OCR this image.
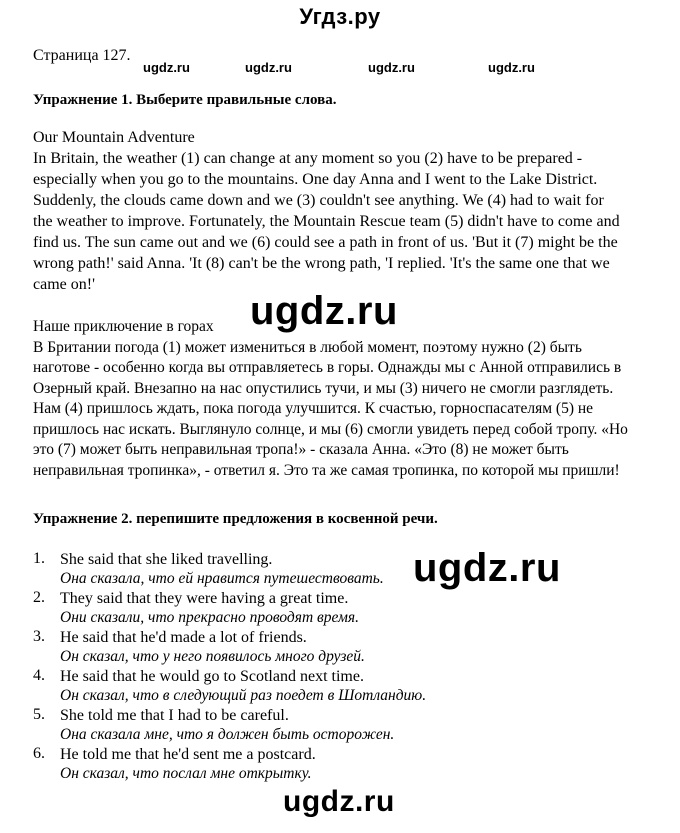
Угдз.ру
Страница 127.
ugdz.ru	ugdz.ru	ugdz.ru	ugdz.ru
Упражнение 1. Выберите правильные слова.
Our Mountain Adventure
In Britain, the weather (1) can change at any moment so you (2) have to be prepared - especially when you go to the mountains. One day Anna and I went to the Lake District. Suddenly, the clouds came down and we (3) couldn't see anything. We (4) had to wait for the weather to improve. Fortunately, the Mountain Rescue team (5) didn't have to come and find us. The sun came out and we (6) could see a path in front of us. 'But it (7) might be the wrong path!' said Anna. 'It (8) can't be the wrong path, 'I replied. 'It's the same one that we came on!'
ugdz.ru
Наше приключение в горах
В Британии погода (1) может измениться в любой момент, поэтому нужно (2) быть наготове - особенно когда вы отправляетесь в горы. Однажды мы с Анной отправились в Озерный край. Внезапно на нас опустились тучи, и мы (3) ничего не смогли разглядеть. Нам (4) пришлось ждать, пока погода улучшится. К счастью, горноспасателям (5) не пришлось нас искать. Выглянуло солнце, и мы (6) смогли увидеть перед собой тропу. «Но это (7) может быть неправильная тропа!» - сказала Анна. «Это (8) не может быть неправильная тропинка», - ответил я. Это та же самая тропинка, по которой мы пришли!
Упражнение 2. перепишите предложения в косвенной речи.
1. She said that she liked travelling.
Она сказала, что ей нравится путешествовать.
2. They said that they were having a great time.
Они сказали, что прекрасно проводят время.
3. He said that he'd made a lot of friends.
Он сказал, что у него появилось много друзей.
4. He said that he would go to Scotland next time.
Он сказал, что в следующий раз поедет в Шотландию.
5. She told me that I had to be careful.
Она сказала мне, что я должен быть осторожен.
6. He told me that he'd sent me a postcard.
Он сказал, что послал мне открытку.
ugdz.ru
ugdz.ru
